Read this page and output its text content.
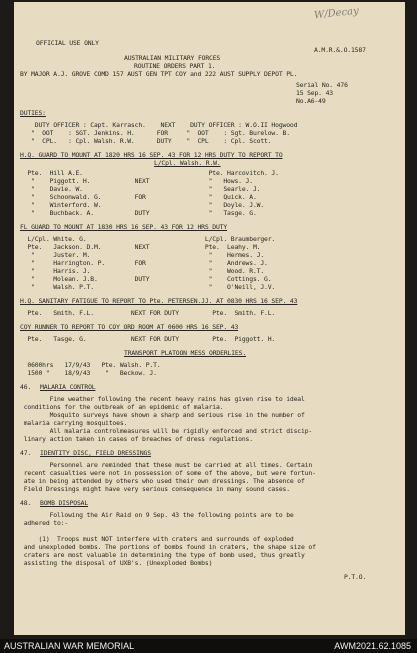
W/Decay
OFFICIAL USE ONLY
A.M.R.&.O.1587
AUSTRALIAN MILITARY FORCES
ROUTINE ORDERS PART 1.
BY MAJOR A.J. GROVE COMD 157 AUST GEN TPT COY and 222 AUST SUPPLY DEPOT PL.
Serial No. 476
15 Sep. 43
No.A6-49
DUTIES:
DUTY OFFICER : Capt. Karrasch.    NEXT    DUTY OFFICER : W.O.II Hogwood
"  OOT    : SGT. Jenkins. H.      FOR     "  OOT    : Sgt. Burelow. B.
"  CPL.   : Cpl. Walsh. R.W.      DUTY    "  CPL    : Cpl. Scott.
H.Q. GUARD TO MOUNT AT 1820 HRS 16 SEP. 43 FOR 12 HRS DUTY TO REPORT TO
L/Cpl. Walsh. R.W.
Pte.  Hill A.E.                                  Pte. Harcovitch. J.
"    Piggott. H.            NEXT                "   Hows. J.
"    Davie. W.                                  "   Searle. J.
"    Schoonwald. G.         FOR                 "   Quick. A.
"    Winterford. W.                             "   Doyle. J.W.
"    Buchback. A.           DUTY                "   Tasge. G.
FL GUARD TO MOUNT AT 1830 HRS 16 SEP. 43 FOR 12 HRS DUTY
L/Cpl. White. G.                                L/Cpl. Braumberger.
Pte.   Jackson. D.M.         NEXT               Pte.  Leahy. M.
"     Juster. M.                                "    Hermes. J.
"     Harrington. P.        FOR                 "    Andrews. J.
"     Harris. J.                                "    Wood. R.T.
"     Molean. J.B.          DUTY                "    Cottings. G.
"     Walsh. P.T.                               "    O'Neill, J.V.
H.Q. SANITARY FATIGUE TO REPORT TO Pte. PETERSEN.JJ. AT 0830 HRS 16 SEP. 43
Pte.   Smith. F.L.          NEXT FOR DUTY         Pte.  Smith. F.L.
COY RUNNER TO REPORT TO COY ORD ROOM AT 0600 HRS 16 SEP. 43
Pte.   Tasge. G.            NEXT FOR DUTY         Pte.  Piggott. H.
TRANSPORT PLATOON MESS ORDERLIES.
0600hrs   17/9/43   Pte. Walsh. P.T.
1500 "    18/9/43    "   Beckow. J.
46.	MALARIA CONTROL
Fine weather following the recent heavy rains has given rise to ideal
conditions for the outbreak of an epidemic of malaria.
Mosquito surveys have shown a sharp and serious rise in the number of
malaria carrying mosquitoes.
All malaria controlmeasures will be rigidly enforced and strict discip-
linary action taken in cases of breaches of dress regulations.
47.	IDENTITY DISC, FIELD DRESSINGS
Personnel are reminded that these must be carried at all times. Certain
recent casualties were not in possession of some of the above, but were fortun-
ate in being attended by others who used their own dressings. The absence of
Field Dressings might have very serious consequence in many sound cases.
48.	BOMB DISPOSAL
Following the Air Raid on 9 Sep. 43 the following points are to be
adhered to:-
(1)  Troops must NOT interfere with craters and surrounds of exploded
and unexploded bombs. The portions of bombs found in craters, the shape size of
craters are most valuable in determining the type of bomb used, thus greatly
assisting the disposal of UXB's. (Unexploded Bombs)
P.T.O.
AUSTRALIAN WAR MEMORIAL	AWM2021.62.1085
